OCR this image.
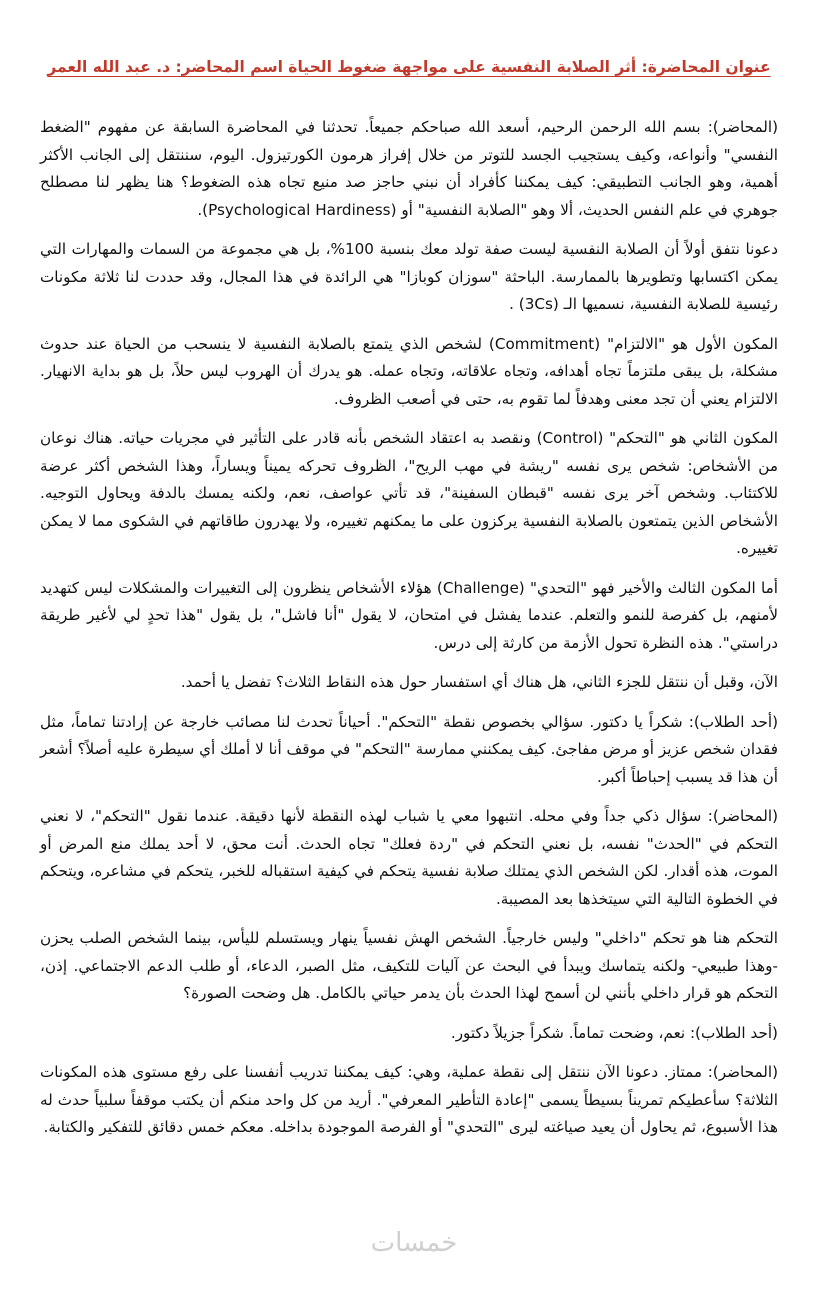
عنوان المحاضرة: أثر الصلابة النفسية على مواجهة ضغوط الحياة اسم المحاضر: د. عبد الله العمر

(المحاضر): بسم الله الرحمن الرحيم، أسعد الله صباحكم جميعاً. تحدثنا في المحاضرة السابقة عن مفهوم "الضغط النفسي" وأنواعه، وكيف يستجيب الجسد للتوتر من خلال إفراز هرمون الكورتيزول. اليوم، سننتقل إلى الجانب الأكثر أهمية، وهو الجانب التطبيقي: كيف يمكننا كأفراد أن نبني حاجز صد منيع تجاه هذه الضغوط؟ هنا يظهر لنا مصطلح جوهري في علم النفس الحديث، ألا وهو "الصلابة النفسية" أو (Psychological Hardiness).

دعونا نتفق أولاً أن الصلابة النفسية ليست صفة تولد معك بنسبة 100%، بل هي مجموعة من السمات والمهارات التي يمكن اكتسابها وتطويرها بالممارسة. الباحثة "سوزان كوبازا" هي الرائدة في هذا المجال، وقد حددت لنا ثلاثة مكونات رئيسية للصلابة النفسية، نسميها الـ (3Cs) .

المكون الأول هو "الالتزام" (Commitment) لشخص الذي يتمتع بالصلابة النفسية لا ينسحب من الحياة عند حدوث مشكلة، بل يبقى ملتزماً تجاه أهدافه، وتجاه علاقاته، وتجاه عمله. هو يدرك أن الهروب ليس حلاً، بل هو بداية الانهيار. الالتزام يعني أن تجد معنى وهدفاً لما تقوم به، حتى في أصعب الظروف.

المكون الثاني هو "التحكم" (Control) ونقصد به اعتقاد الشخص بأنه قادر على التأثير في مجريات حياته. هناك نوعان من الأشخاص: شخص يرى نفسه "ريشة في مهب الريح"، الظروف تحركه يميناً ويساراً، وهذا الشخص أكثر عرضة للاكتئاب. وشخص آخر يرى نفسه "قبطان السفينة"، قد تأتي عواصف، نعم، ولكنه يمسك بالدفة ويحاول التوجيه. الأشخاص الذين يتمتعون بالصلابة النفسية يركزون على ما يمكنهم تغييره، ولا يهدرون طاقاتهم في الشكوى مما لا يمكن تغييره.

أما المكون الثالث والأخير فهو "التحدي" (Challenge) هؤلاء الأشخاص ينظرون إلى التغييرات والمشكلات ليس كتهديد لأمنهم، بل كفرصة للنمو والتعلم. عندما يفشل في امتحان، لا يقول "أنا فاشل"، بل يقول "هذا تحدٍ لي لأغير طريقة دراستي". هذه النظرة تحول الأزمة من كارثة إلى درس.

الآن، وقبل أن ننتقل للجزء الثاني، هل هناك أي استفسار حول هذه النقاط الثلاث؟ تفضل يا أحمد.

(أحد الطلاب): شكراً يا دكتور. سؤالي بخصوص نقطة "التحكم". أحياناً تحدث لنا مصائب خارجة عن إرادتنا تماماً، مثل فقدان شخص عزيز أو مرض مفاجئ. كيف يمكنني ممارسة "التحكم" في موقف أنا لا أملك أي سيطرة عليه أصلاً؟ أشعر أن هذا قد يسبب إحباطاً أكبر.

(المحاضر): سؤال ذكي جداً وفي محله. انتبهوا معي يا شباب لهذه النقطة لأنها دقيقة. عندما نقول "التحكم"، لا نعني التحكم في "الحدث" نفسه، بل نعني التحكم في "ردة فعلك" تجاه الحدث. أنت محق، لا أحد يملك منع المرض أو الموت، هذه أقدار. لكن الشخص الذي يمتلك صلابة نفسية يتحكم في كيفية استقباله للخبر، يتحكم في مشاعره، ويتحكم في الخطوة التالية التي سيتخذها بعد المصيبة.

التحكم هنا هو تحكم "داخلي" وليس خارجياً. الشخص الهش نفسياً ينهار ويستسلم لليأس، بينما الشخص الصلب يحزن -وهذا طبيعي- ولكنه يتماسك ويبدأ في البحث عن آليات للتكيف، مثل الصبر، الدعاء، أو طلب الدعم الاجتماعي. إذن، التحكم هو قرار داخلي بأنني لن أسمح لهذا الحدث بأن يدمر حياتي بالكامل. هل وضحت الصورة؟

(أحد الطلاب): نعم، وضحت تماماً. شكراً جزيلاً دكتور.

(المحاضر): ممتاز. دعونا الآن ننتقل إلى نقطة عملية، وهي: كيف يمكننا تدريب أنفسنا على رفع مستوى هذه المكونات الثلاثة؟ سأعطيكم تمريناً بسيطاً يسمى "إعادة التأطير المعرفي". أريد من كل واحد منكم أن يكتب موقفاً سلبياً حدث له هذا الأسبوع، ثم يحاول أن يعيد صياغته ليرى "التحدي" أو الفرصة الموجودة بداخله. معكم خمس دقائق للتفكير والكتابة.

خمسات
